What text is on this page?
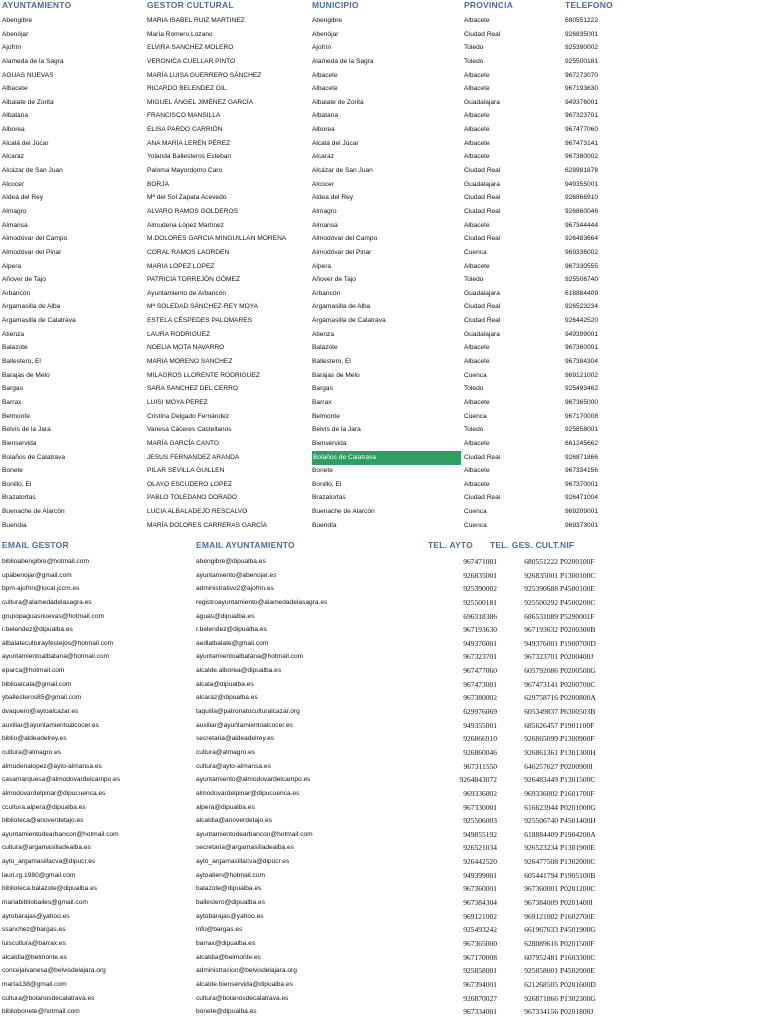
AYUNTAMIENTO	GESTOR CULTURAL	MUNICIPIO	PROVINCIA	TELEFONO
Abengibre	MARIA ISABEL RUIZ MARTINEZ	Abengibre	Albacete	680551222
Abenójar	María Romero Lozano	Abenójar	Ciudad Real	926835001
Ajofrín	ELVIRA SANCHEZ MOLERO	Ajofrín	Toledo	925390002
Alameda de la Sagra	VERONICA CUELLAR PINTO	Alameda de la Sagra	Toledo	925500181
AGUAS NUEVAS	MARÍA LUISA GUERRERO SÁNCHEZ	Albacete	Albacete	967273070
Albacete	RICARDO BELENDEZ GIL	Albacete	Albacete	967193630
Albalate de Zorita	MIGUEL ÁNGEL JIMÉNEZ GARCÍA	Albalate de Zorita	Guadalajara	949376001
Albatana	FRANCISCO MANSILLA	Albatana	Albacete	967323701
Alborea	ELISA PARDO CARRIÓN	Alborea	Albacete	967477060
Alcalá del Júcar	ANA MARÍA LERÉN PÉREZ	Alcalá del Júcar	Albacete	967473141
Alcaraz	Yolanda Ballesteros Esteban	Alcaraz	Albacete	967380002
Alcázar de San Juan	Paloma Mayordomo Caro	Alcázar de San Juan	Ciudad Real	628981878
Alcocer	BORJA	Alcocer	Guadalajara	949355001
Aldea del Rey	Mª del Sol Zapata Acevedo	Aldea del Rey	Ciudad Real	926866910
Almagro	ALVARO RAMOS GOLDEROS	Almagro	Ciudad Real	926860046
Almansa	Almudena López Martínez	Almansa	Albacete	967344444
Almodóvar del Campo	M.DOLORES GARCIA MINGUILLAN MORENA	Almodóvar del Campo	Ciudad Real	926483664
Almodóvar del Pinar	CORAL RAMOS LAORDEN	Almodóvar del Pinar	Cuenca	969336002
Alpera	MARIA LOPEZ LOPEZ	Alpera	Albacete	967330555
Añover de Tajo	PATRICIA TORREJÓN GÓMEZ	Añover de Tajo	Toledo	925506740
Arbancón	Ayuntamiento de Arbancón	Arbancón	Guadalajara	618884409
Argamasilla de Alba	Mª SOLEDAD SÁNCHEZ-REY MOYA	Argamasilla de Alba	Ciudad Real	926523234
Argamasilla de Calatrava	ESTELA CÉSPEDES PALOMARES	Argamasilla de Calatrava	Ciudad Real	926442520
Atienza	LAURA RODRIGUEZ	Atienza	Guadalajara	949399001
Balazote	NOELIA MOTA NAVARRO	Balazote	Albacete	967360001
Ballestero, El	MARIA MORENO SANCHEZ	Ballestero, El	Albacete	967384304
Barajas de Melo	MILAGROS LLORENTE RODRIGUEZ	Barajas de Melo	Cuenca	969121002
Bargas	SARA SANCHEZ DEL CERRO	Bargas	Toledo	925493462
Barrax	LUISI MOYA PEREZ	Barrax	Albacete	967365000
Belmonte	Cristina Delgado Fernández	Belmonte	Cuenca	967170008
Belvís de la Jara	Vanesa Cáceres Castellanos	Belvís de la Jara	Toledo	925858001
Bienservida	MARÍA GARCÍA CANTO	Bienservida	Albacete	661245662
Bolaños de Calatrava	JESUS FERNANDEZ ARANDA	Bolaños de Calatrava	Ciudad Real	926871866
Bonete	PILAR SEVILLA GUILLEN	Bonete	Albacete	967334156
Bonillo, El	OLAYO ESCUDERO LOPEZ	Bonillo, El	Albacete	967370001
Brazatortas	PABLO TOLEDANO DORADO	Brazatortas	Ciudad Real	926471004
Buenache de Alarcón	LUCIA ALBALADEJO RESCALVO	Buenache de Alarcón	Cuenca	969209001
Buendía	MARÍA DOLORES CARRERAS GARCÍA	Buendía	Cuenca	969373001
EMAIL GESTOR	EMAIL AYUNTAMIENTO	TEL. AYTO TEL. GES. CULT. NIF
biblioabengibre@hotmail.com	abengibre@dipualba.es	967471001	680551222 P0200100F
upabenojar@gmail.com	ayuntamiento@abenojar.es	926835001	926835001 P1300100C
bpm-ajofrin@local.jccm.es	administrativo2@ajofrin.es	925390002	925390688 P4500100E
cultura@alamedadelasagra.es	registroayuntamiento@alamedadelasagra.es	925500181	925500292 P4500200C
grupopaguasnuevas@hotmail.com	aguas@dipualba.es	696318386	686531089 P5290001F
r.belendez@dipualba.es	r.belendez@dipualba.es	967193630	967193632 P0200300B
albalateculturayfestejos@hotmail.com	aedlalbalate@gmail.com	949376001	949376001 P1900700D
ayuntamientoalbatana@hotmail.com	ayuntamientoalbatana@hotmail.com	967323701	967323701 P0200400J
eparca@hotmail.com	alcalde.alborea@dipualba.es	967477060	605792086 P0200500G
biblioalcala@gmail.com	alcala@dipualba.es	967473001	967473141 P0200700C
yballesteros85@gmail.com	alcaraz@dipualba.es	967380002	629758716 P0200800A
dvaquero@aytoalcazar.es	taquilla@patronatoculturalcazar.org	629976069	605349837 P6300503B
auxiliar@ayuntamientoalcocer.es	auxiliar@ayuntamientoalcocer.es	949355001	685626457 P1901100F
biblio@aldeadelrey.es	secretaria@aldeadelrey.es	926866910	926865099 P1300900F
cultura@almagro.es	cultura@almagro.es	926860046	926861361 P1301300H
almudenalopez@ayto-almansa.es	cultura@ayto-almansa.es	967311550	646257627 P0200900I
casamarquesa@almodovardelcampo.es	ayuntamiento@almodovardelcampo.es	9264843072	926483449 P1301500C
almodovardelpinar@dipucuenca.es	almodovardelpinar@dipucuenca.es	969336002	969336002 P1601700F
ccultura.alpera@dipualba.es	alpera@dipualba.es	967330001	616623944 P0201000G
biblioteca@anoverdetajo.es	alcaldia@anoverdetajo.es	925506003	925506740 P4501400H
ayuntamientodearbancon@hotmail.com	ayuntamientodearbancon@hotmail.com	949855192	618884409 P1904200A
cultura@argamasilladealba.es	secretaria@argamasilladealba.es	926521034	926523234 P1301900E
ayto_argamasillacva@dipucr.es	ayto_argamasillacva@dipucr.es	926442520	926477508 P1302000C
lauri.rg.1980@gmail.com	aytoatien@hotmail.com	949399001	605441794 P1905100B
biblioteca.balazote@dipualba.es	balazote@dipualba.es	967360001	967360001 P0201200C
mariabibliobailes@gmail.com	ballestero@dipualba.es	967384304	967384009 P0201400I
aytobarajas@yahoo.es	aytobarajas@yahoo.es	969121002	969121002 P1602700E
ssanchez@bargas.es	info@bargas.es	925493242	661967633 P4501900G
luiscultura@barrax.es	barrax@dipualba.es	967365000	628089616 P0201500F
alcaldia@belmonte.es	alcaldia@belmonte.es	967170008	607952481 P1603300C
concejalvanesa@belvisdelajara.org	administracion@belvisdelajara.org	925858001	925858001 P4502000E
marta138@gmail.com	alcalde.bienservida@dipualba.es	967394001	621268505 P0201600D
cultura@bolanosdecalatrava.es	cultura@bolanosdecalatrava.es	926870027	926871866 P1302300G
bibliobonete@hotmail.com	bonete@dipualba.es	967334001	967334156 P0201800J
